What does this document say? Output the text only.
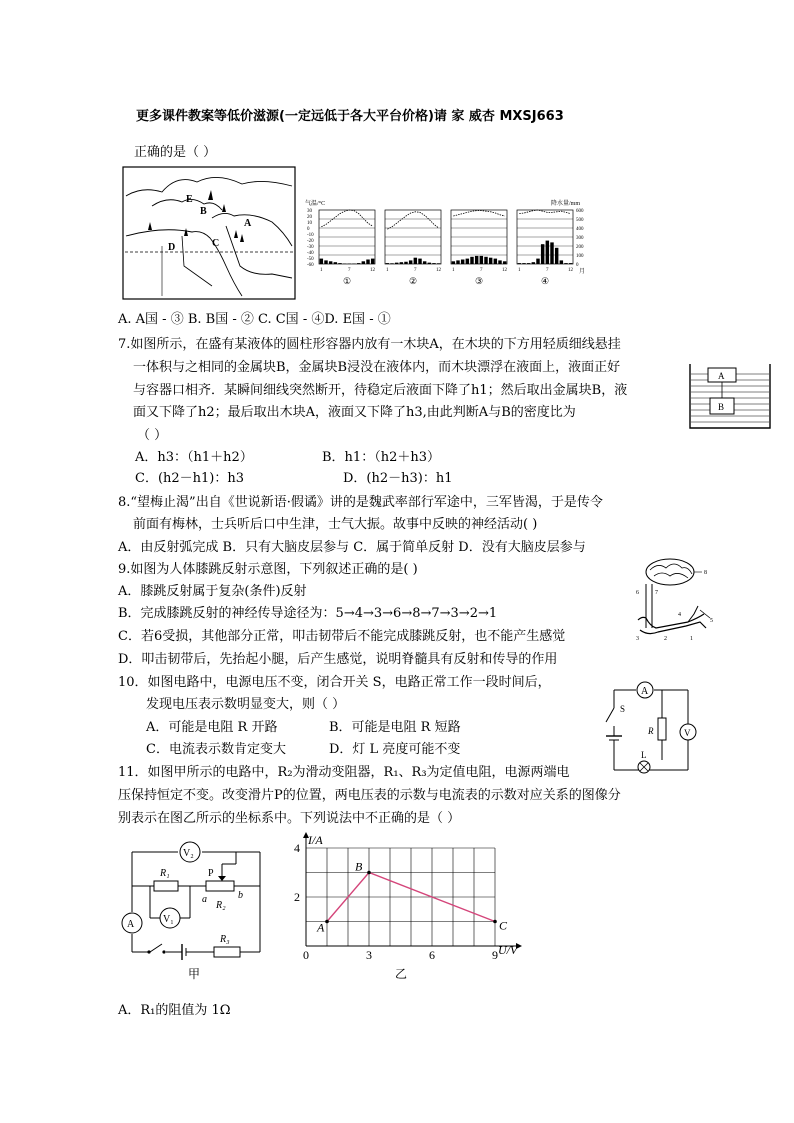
更多课件教案等低价滋源(一定远低于各大平台价格)请 家 威杏 MXSJ663
正确的是（ ）
E
B
A
D	C
气温/°C	降水量/mm
30
20
10
0
-10
-20
-30
-40
-50
-60
600
500
400
300
200
100
0
1	7	12
①
1	7	12
②
1	7	12
③
1	7	12
④
月
A. A国 - ③ B. B国 - ② C. C国 - ④D. E国 - ①
7.如图所示，在盛有某液体的圆柱形容器内放有一木块A，在木块的下方用轻质细线悬挂
一体积与之相同的金属块B，金属块B浸没在液体内，而木块漂浮在液面上，液面正好
与容器口相齐．某瞬间细线突然断开，待稳定后液面下降了h1；然后取出金属块B，液
面又下降了h2；最后取出木块A，液面又下降了h3,由此判断A与B的密度比为
（ ）
A．h3：（h1＋h2）	B．h1：（h2＋h3）
C．(h2－h1)：h3	D．(h2－h3)：h1
A
B
8.“望梅止渴”出自《世说新语·假谲》讲的是魏武率部行军途中，三军皆渴，于是传令
前面有梅林，士兵听后口中生津，士气大振。故事中反映的神经活动( )
A．由反射弧完成 B．只有大脑皮层参与 C．属于简单反射 D．没有大脑皮层参与
9.如图为人体膝跳反射示意图，下列叙述正确的是( )
A．膝跳反射属于复杂(条件)反射
B．完成膝跳反射的神经传导途径为：5→4→3→6→8→7→3→2→1
C．若6受损，其他部分正常，叩击韧带后不能完成膝跳反射，也不能产生感觉
D．叩击韧带后，先抬起小腿，后产生感觉，说明脊髓具有反射和传导的作用
8
6	7
4
3	2	1
5
10．如图电路中，电源电压不变，闭合开关 S，电路正常工作一段时间后，
发现电压表示数明显变大，则（ ）
A．可能是电阻 R 开路	B．可能是电阻 R 短路
C．电流表示数肯定变大	D．灯 L 亮度可能不变
A
S
V
R
L
11．如图甲所示的电路中，R₂为滑动变阻器，R₁、R₃为定值电阻，电源两端电
压保持恒定不变。改变滑片P的位置，两电压表的示数与电流表的示数对应关系的图像分
别表示在图乙所示的坐标系中。下列说法中不正确的是（ ）
V₂
A
R₁	P
a	b
R₂
V₁
R₃
甲
0	3	6	9
2
4
A
B
C
I/A
U/V
乙
A．R₁的阻值为 1Ω
